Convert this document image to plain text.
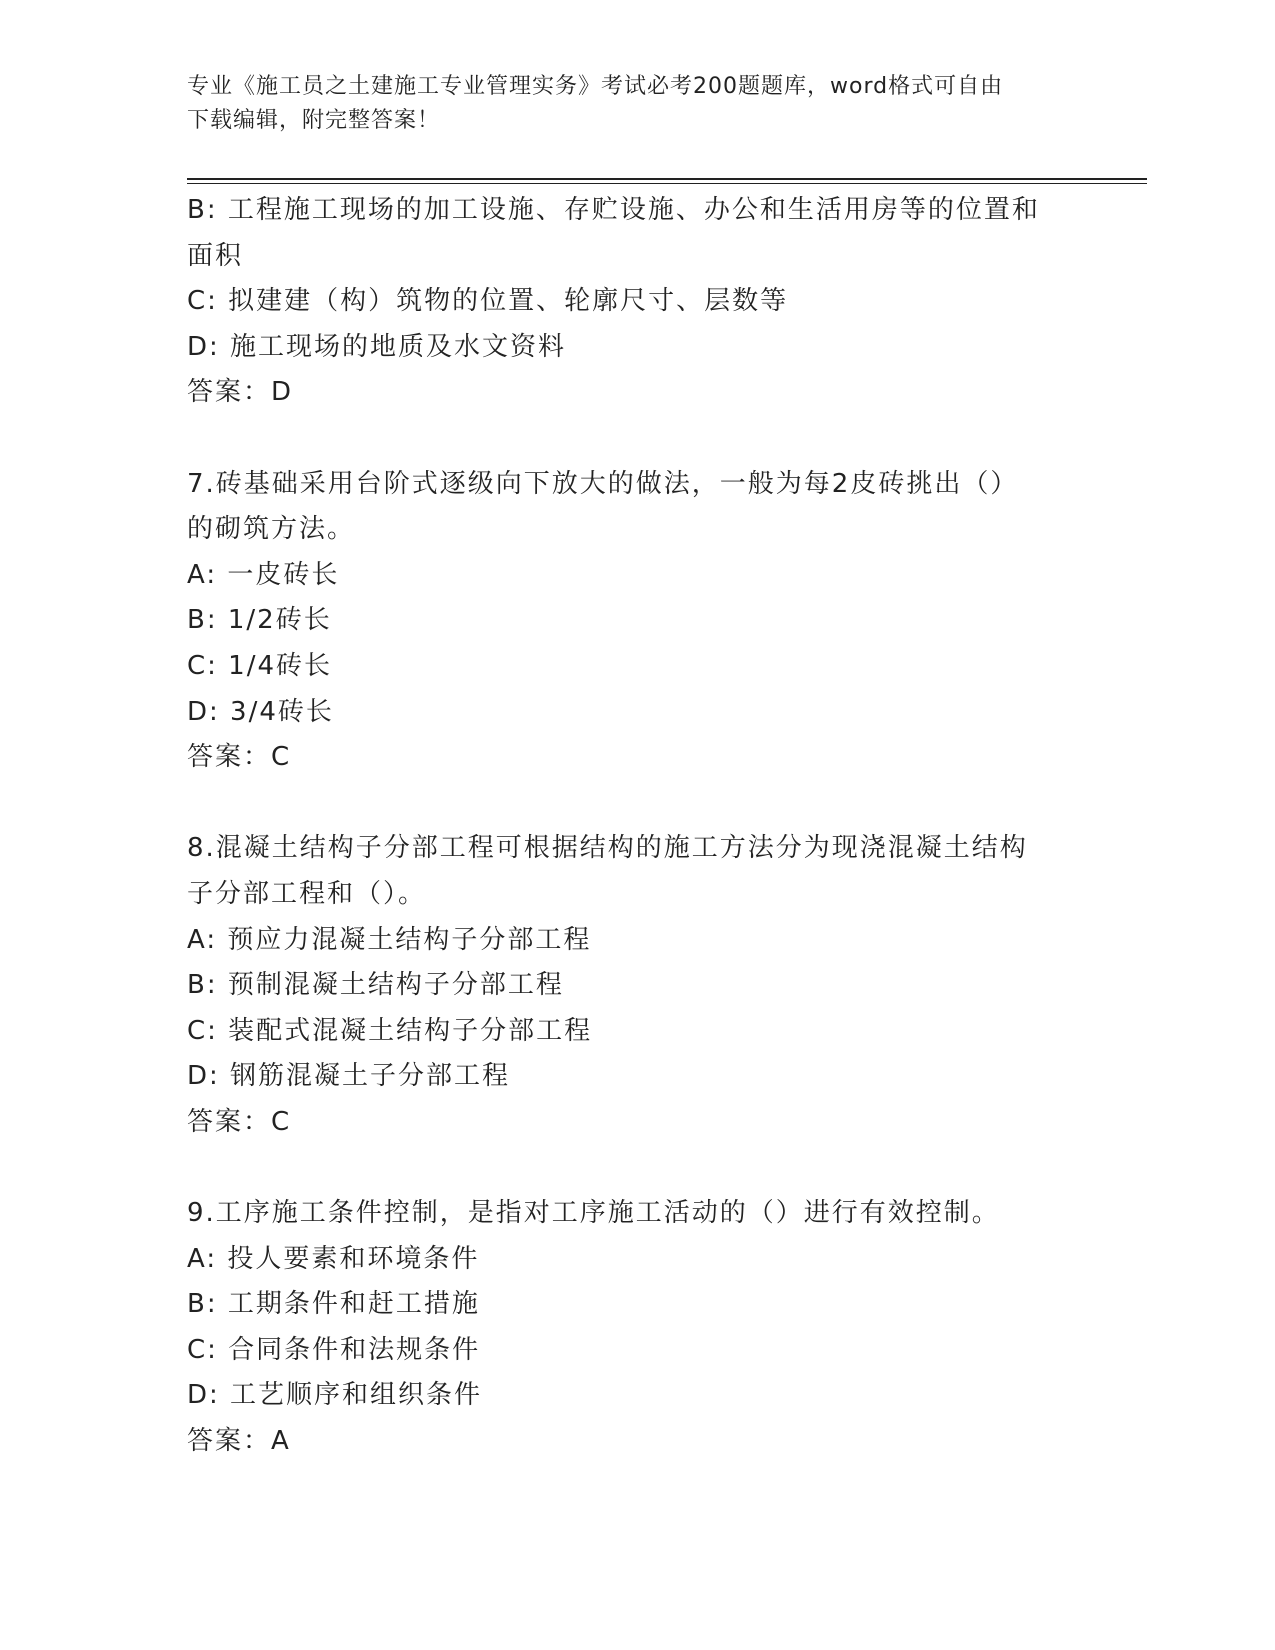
专业《施工员之土建施工专业管理实务》考试必考200题题库，word格式可自由
下载编辑，附完整答案！
B: 工程施工现场的加工设施、存贮设施、办公和生活用房等的位置和
面积
C: 拟建建（构）筑物的位置、轮廓尺寸、层数等
D: 施工现场的地质及水文资料
答案：D
7.砖基础采用台阶式逐级向下放大的做法，一般为每2皮砖挑出（）
的砌筑方法。
A: 一皮砖长
B: 1/2砖长
C: 1/4砖长
D: 3/4砖长
答案：C
8.混凝土结构子分部工程可根据结构的施工方法分为现浇混凝土结构
子分部工程和（）。
A: 预应力混凝土结构子分部工程
B: 预制混凝土结构子分部工程
C: 装配式混凝土结构子分部工程
D: 钢筋混凝土子分部工程
答案：C
9.工序施工条件控制，是指对工序施工活动的（）进行有效控制。
A: 投人要素和环境条件
B: 工期条件和赶工措施
C: 合同条件和法规条件
D: 工艺顺序和组织条件
答案：A
